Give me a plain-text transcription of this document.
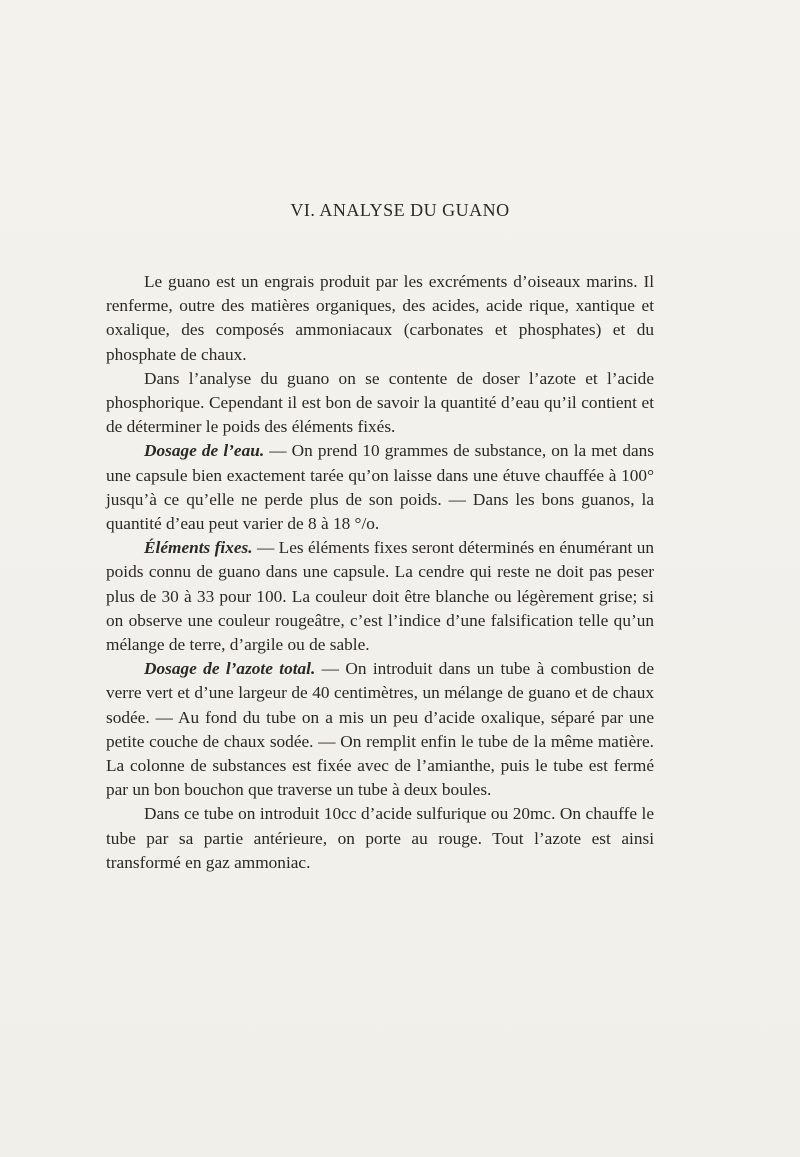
VI. ANALYSE DU GUANO

Le guano est un engrais produit par les excréments d’oiseaux marins. Il renferme, outre des matières organiques, des acides, acide rique, xantique et oxalique, des composés ammoniacaux (carbonates et phosphates) et du phosphate de chaux.

Dans l’analyse du guano on se contente de doser l’azote et l’acide phosphorique. Cependant il est bon de savoir la quantité d’eau qu’il contient et de déterminer le poids des éléments fixés.

Dosage de l’eau. — On prend 10 grammes de substance, on la met dans une capsule bien exactement tarée qu’on laisse dans une étuve chauffée à 100° jusqu’à ce qu’elle ne perde plus de son poids. — Dans les bons guanos, la quantité d’eau peut varier de 8 à 18 °/o.

Éléments fixes. — Les éléments fixes seront déterminés en énumérant un poids connu de guano dans une capsule. La cendre qui reste ne doit pas peser plus de 30 à 33 pour 100. La couleur doit être blanche ou légèrement grise; si on observe une couleur rougeâtre, c’est l’indice d’une falsification telle qu’un mélange de terre, d’argile ou de sable.

Dosage de l’azote total. — On introduit dans un tube à combustion de verre vert et d’une largeur de 40 centimètres, un mélange de guano et de chaux sodée. — Au fond du tube on a mis un peu d’acide oxalique, séparé par une petite couche de chaux sodée. — On remplit enfin le tube de la même matière. La colonne de substances est fixée avec de l’amianthe, puis le tube est fermé par un bon bouchon que traverse un tube à deux boules.

Dans ce tube on introduit 10cc d’acide sulfurique ou 20mc. On chauffe le tube par sa partie antérieure, on porte au rouge. Tout l’azote est ainsi transformé en gaz ammoniac.
